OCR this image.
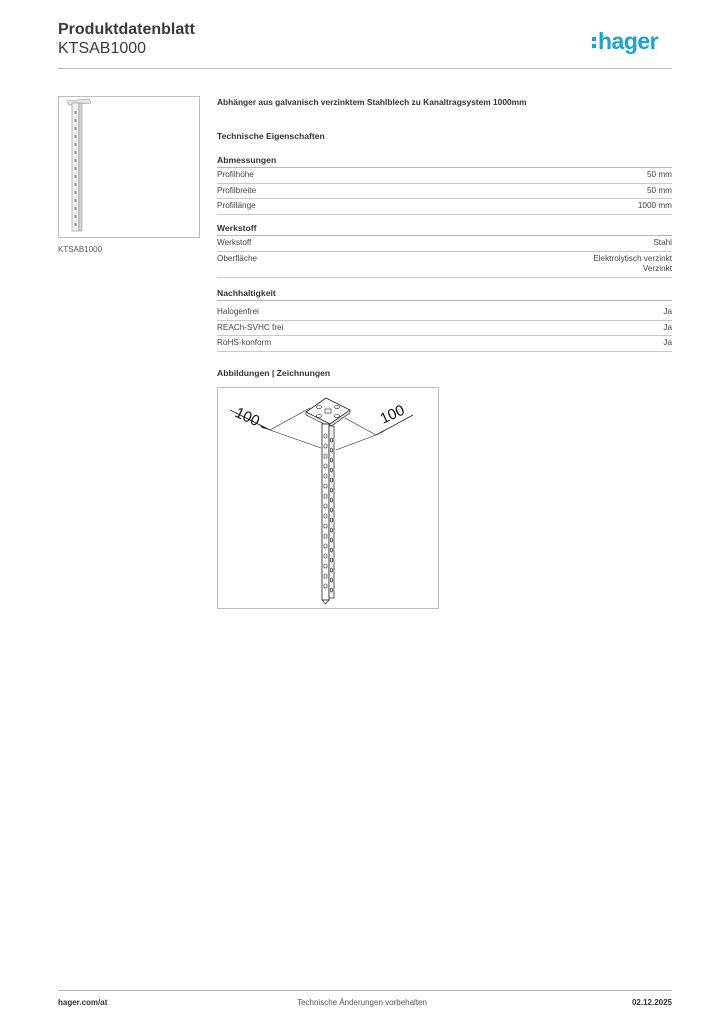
Produktdatenblatt
KTSAB1000	hager
KTSAB1000
Abhänger aus galvanisch verzinktem Stahlblech zu Kanaltragsystem 1000mm
Technische Eigenschaften
Abmessungen
Profilhöhe	50 mm
Profilbreite	50 mm
Profillänge	1000 mm
Werkstoff
Werkstoff	Stahl
Oberfläche	Elektrolytisch verzinkt
Verzinkt
Nachhaltigkeit
Halogenfrei	Ja
REACh-SVHC frei	Ja
RoHS-konform	Ja
Abbildungen | Zeichnungen
100	100
hager.com/at	Technische Änderungen vorbehalten	02.12.2025
